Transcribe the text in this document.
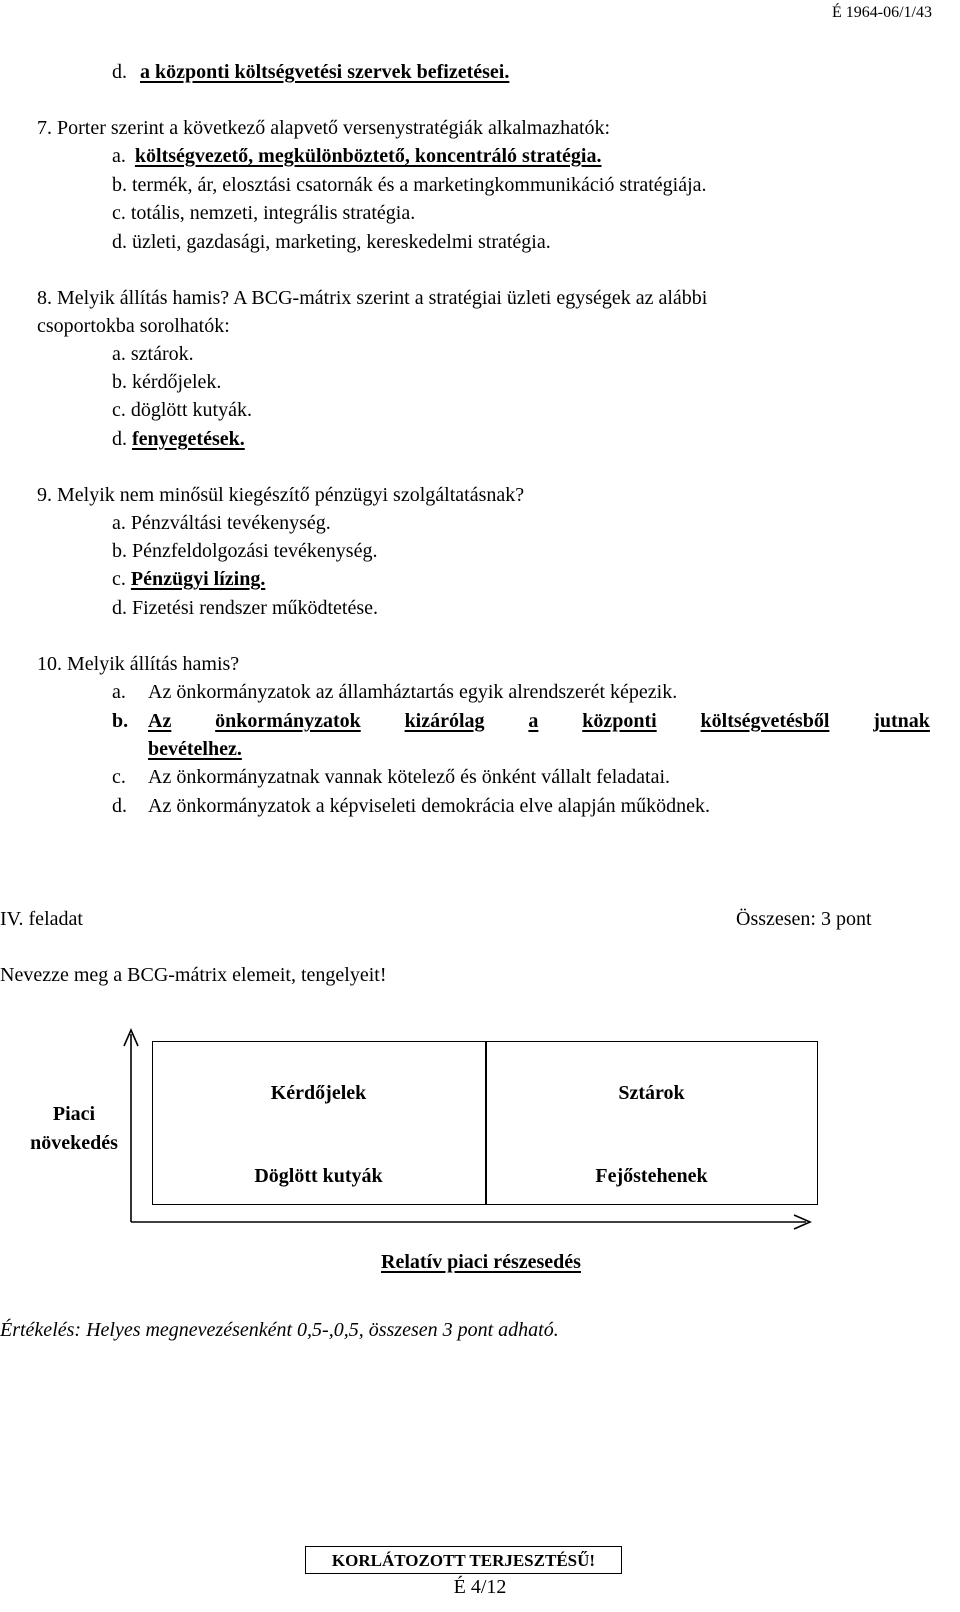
É 1964-06/1/43
d. a központi költségvetési szervek befizetései.
7. Porter szerint a következő alapvető versenystratégiák alkalmazhatók:
a. költségvezető, megkülönböztető, koncentráló stratégia.
b. termék, ár, elosztási csatornák és a marketingkommunikáció stratégiája.
c. totális, nemzeti, integrális stratégia.
d. üzleti, gazdasági, marketing, kereskedelmi stratégia.
8. Melyik állítás hamis? A BCG-mátrix szerint a stratégiai üzleti egységek az alábbi
csoportokba sorolhatók:
a. sztárok.
b. kérdőjelek.
c. döglött kutyák.
d. fenyegetések.
9. Melyik nem minősül kiegészítő pénzügyi szolgáltatásnak?
a. Pénzváltási tevékenység.
b. Pénzfeldolgozási tevékenység.
c. Pénzügyi lízing.
d. Fizetési rendszer működtetése.
10. Melyik állítás hamis?
a. Az önkormányzatok az államháztartás egyik alrendszerét képezik.
b. Az önkormányzatok kizárólag a központi költségvetésből jutnak
bevételhez.
c. Az önkormányzatnak vannak kötelező és önként vállalt feladatai.
d. Az önkormányzatok a képviseleti demokrácia elve alapján működnek.
IV. feladat	Összesen: 3 pont
Nevezze meg a BCG-mátrix elemeit, tengelyeit!
Piaci
növekedés
Kérdőjelek	Sztárok
Döglött kutyák	Fejőstehenek
Relatív piaci részesedés
Értékelés: Helyes megnevezésenként 0,5-,0,5, összesen 3 pont adható.
KORLÁTOZOTT TERJESZTÉSŰ!
É 4/12
